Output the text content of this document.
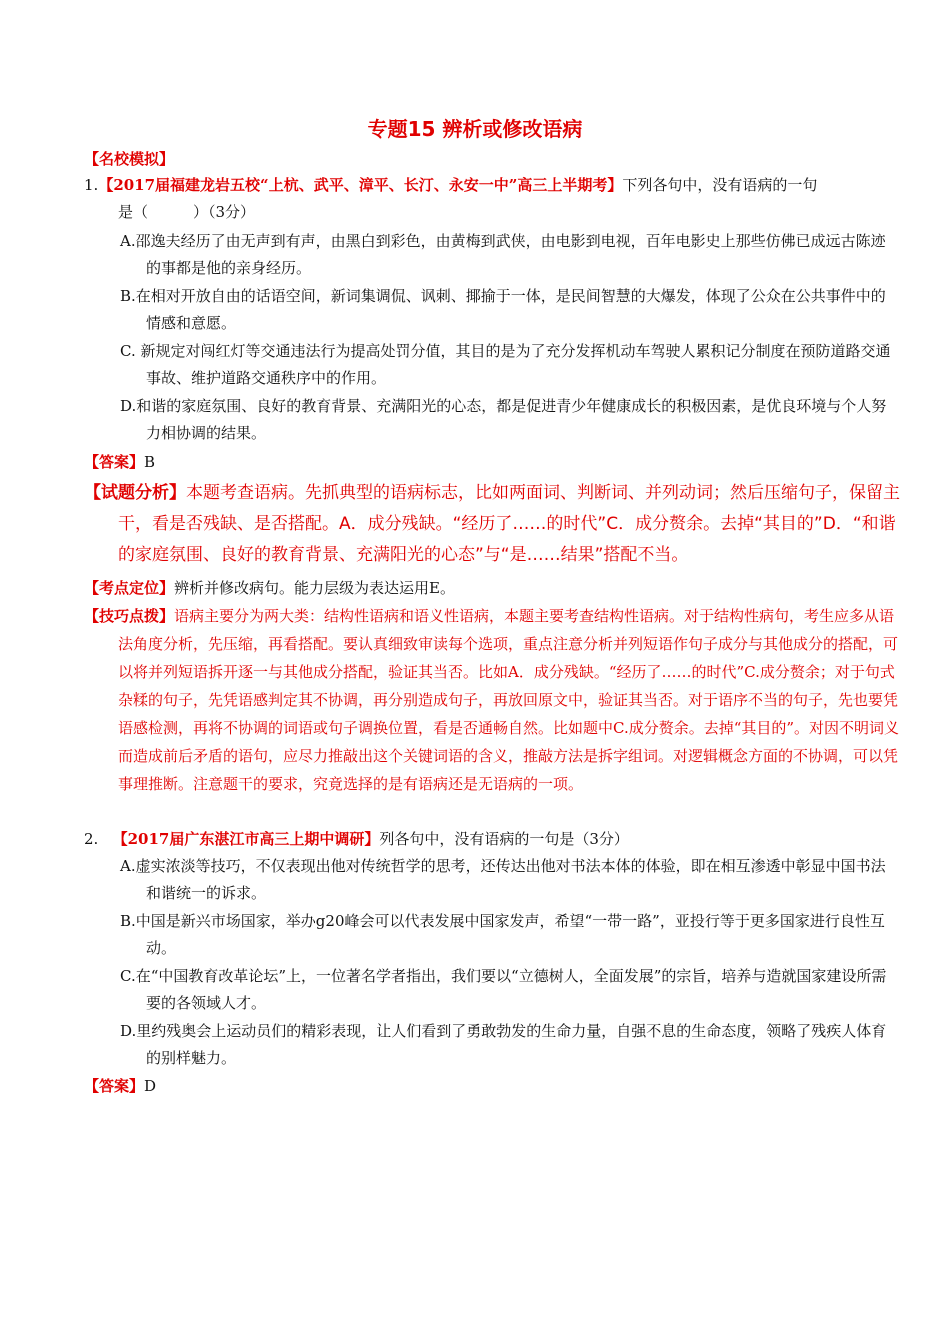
专题15 辨析或修改语病
【名校模拟】
1.【2017届福建龙岩五校“上杭、武平、漳平、长汀、永安一中”高三上半期考】下列各句中，没有语病的一句
是（　　　）（3分）
A.邵逸夫经历了由无声到有声，由黑白到彩色，由黄梅到武侠，由电影到电视，百年电影史上那些仿佛已成远古陈迹的事都是他的亲身经历。
B.在相对开放自由的话语空间，新词集调侃、讽刺、揶揄于一体，是民间智慧的大爆发，体现了公众在公共事件中的情感和意愿。
C. 新规定对闯红灯等交通违法行为提高处罚分值，其目的是为了充分发挥机动车驾驶人累积记分制度在预防道路交通事故、维护道路交通秩序中的作用。
D.和谐的家庭氛围、良好的教育背景、充满阳光的心态，都是促进青少年健康成长的积极因素，是优良环境与个人努力相协调的结果。
【答案】B
【试题分析】本题考查语病。先抓典型的语病标志，比如两面词、判断词、并列动词；然后压缩句子，保留主干，看是否残缺、是否搭配。A．成分残缺。“经历了……的时代”C．成分赘余。去掉“其目的”D．“和谐的家庭氛围、良好的教育背景、充满阳光的心态”与“是……结果”搭配不当。
【考点定位】辨析并修改病句。能力层级为表达运用E。
【技巧点拨】语病主要分为两大类：结构性语病和语义性语病，本题主要考查结构性语病。对于结构性病句，考生应多从语法角度分析，先压缩，再看搭配。要认真细致审读每个选项，重点注意分析并列短语作句子成分与其他成分的搭配，可以将并列短语拆开逐一与其他成分搭配，验证其当否。比如A．成分残缺。“经历了……的时代”C.成分赘余；对于句式杂糅的句子，先凭语感判定其不协调，再分别造成句子，再放回原文中，验证其当否。对于语序不当的句子，先也要凭语感检测，再将不协调的词语或句子调换位置，看是否通畅自然。比如题中C.成分赘余。去掉“其目的”。对因不明词义而造成前后矛盾的语句，应尽力推敲出这个关键词语的含义，推敲方法是拆字组词。对逻辑概念方面的不协调，可以凭事理推断。注意题干的要求，究竟选择的是有语病还是无语病的一项。
2. 【2017届广东湛江市高三上期中调研】列各句中，没有语病的一句是（3分）
A.虚实浓淡等技巧，不仅表现出他对传统哲学的思考，还传达出他对书法本体的体验，即在相互渗透中彰显中国书法和谐统一的诉求。
B.中国是新兴市场国家，举办g20峰会可以代表发展中国家发声，希望“一带一路”，亚投行等于更多国家进行良性互动。
C.在“中国教育改革论坛”上，一位著名学者指出，我们要以“立德树人，全面发展”的宗旨，培养与造就国家建设所需要的各领域人才。
D.里约残奥会上运动员们的精彩表现，让人们看到了勇敢勃发的生命力量，自强不息的生命态度，领略了残疾人体育的别样魅力。
【答案】D
